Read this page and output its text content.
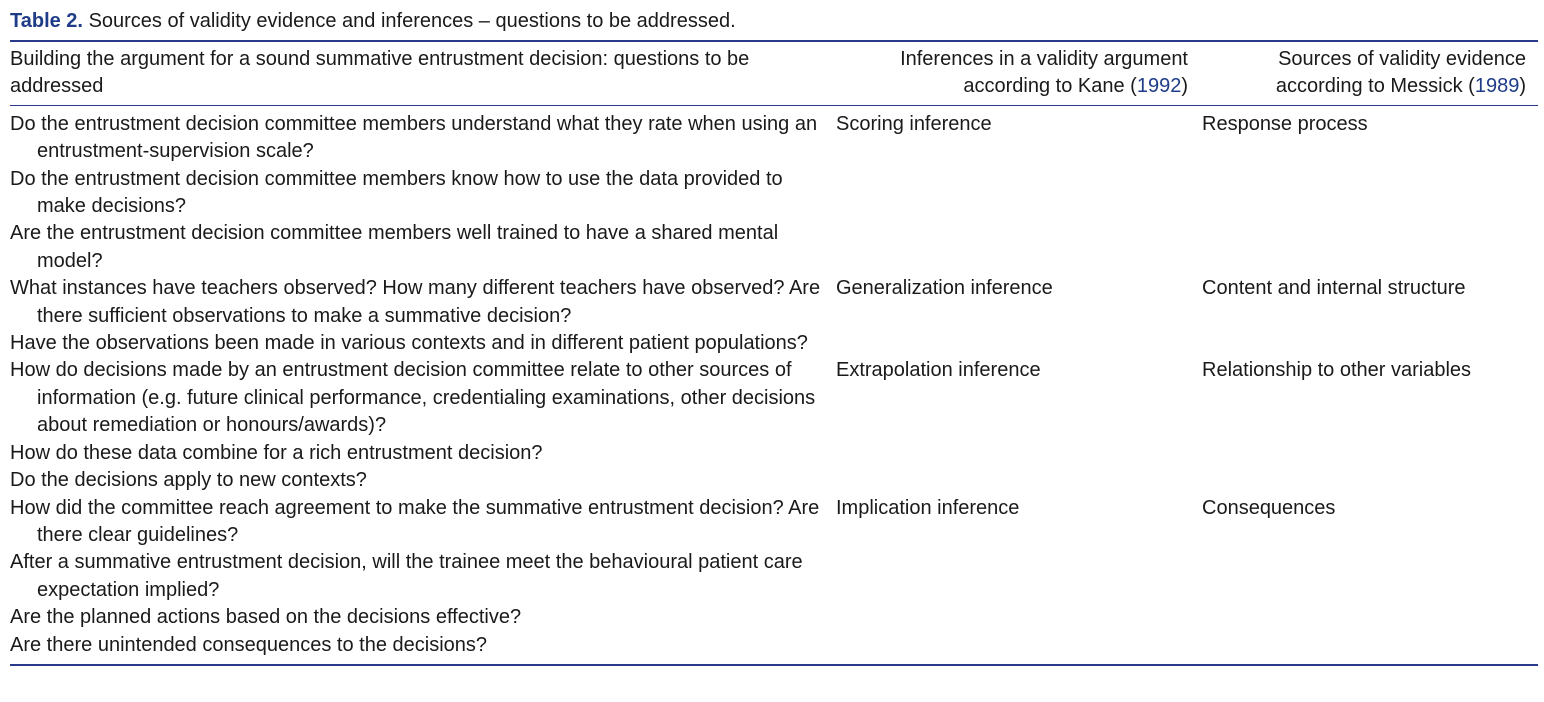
Table 2. Sources of validity evidence and inferences – questions to be addressed.
Building the argument for a sound summative entrustment decision: questions to be addressed	Inferences in a validity argument according to Kane (1992)	Sources of validity evidence according to Messick (1989)

Do the entrustment decision committee members understand what they rate when using an entrustment-supervision scale?	Scoring inference	Response process
Do the entrustment decision committee members know how to use the data provided to make decisions?		
Are the entrustment decision committee members well trained to have a shared mental model?		
What instances have teachers observed? How many different teachers have observed? Are there sufficient observations to make a summative decision?	Generalization inference	Content and internal structure
Have the observations been made in various contexts and in different patient populations?		
How do decisions made by an entrustment decision committee relate to other sources of information (e.g. future clinical performance, credentialing examinations, other decisions about remediation or honours/awards)?	Extrapolation inference	Relationship to other variables
How do these data combine for a rich entrustment decision?		
Do the decisions apply to new contexts?		
How did the committee reach agreement to make the summative entrustment decision? Are there clear guidelines?	Implication inference	Consequences
After a summative entrustment decision, will the trainee meet the behavioural patient care expectation implied?		
Are the planned actions based on the decisions effective?		
Are there unintended consequences to the decisions?		
